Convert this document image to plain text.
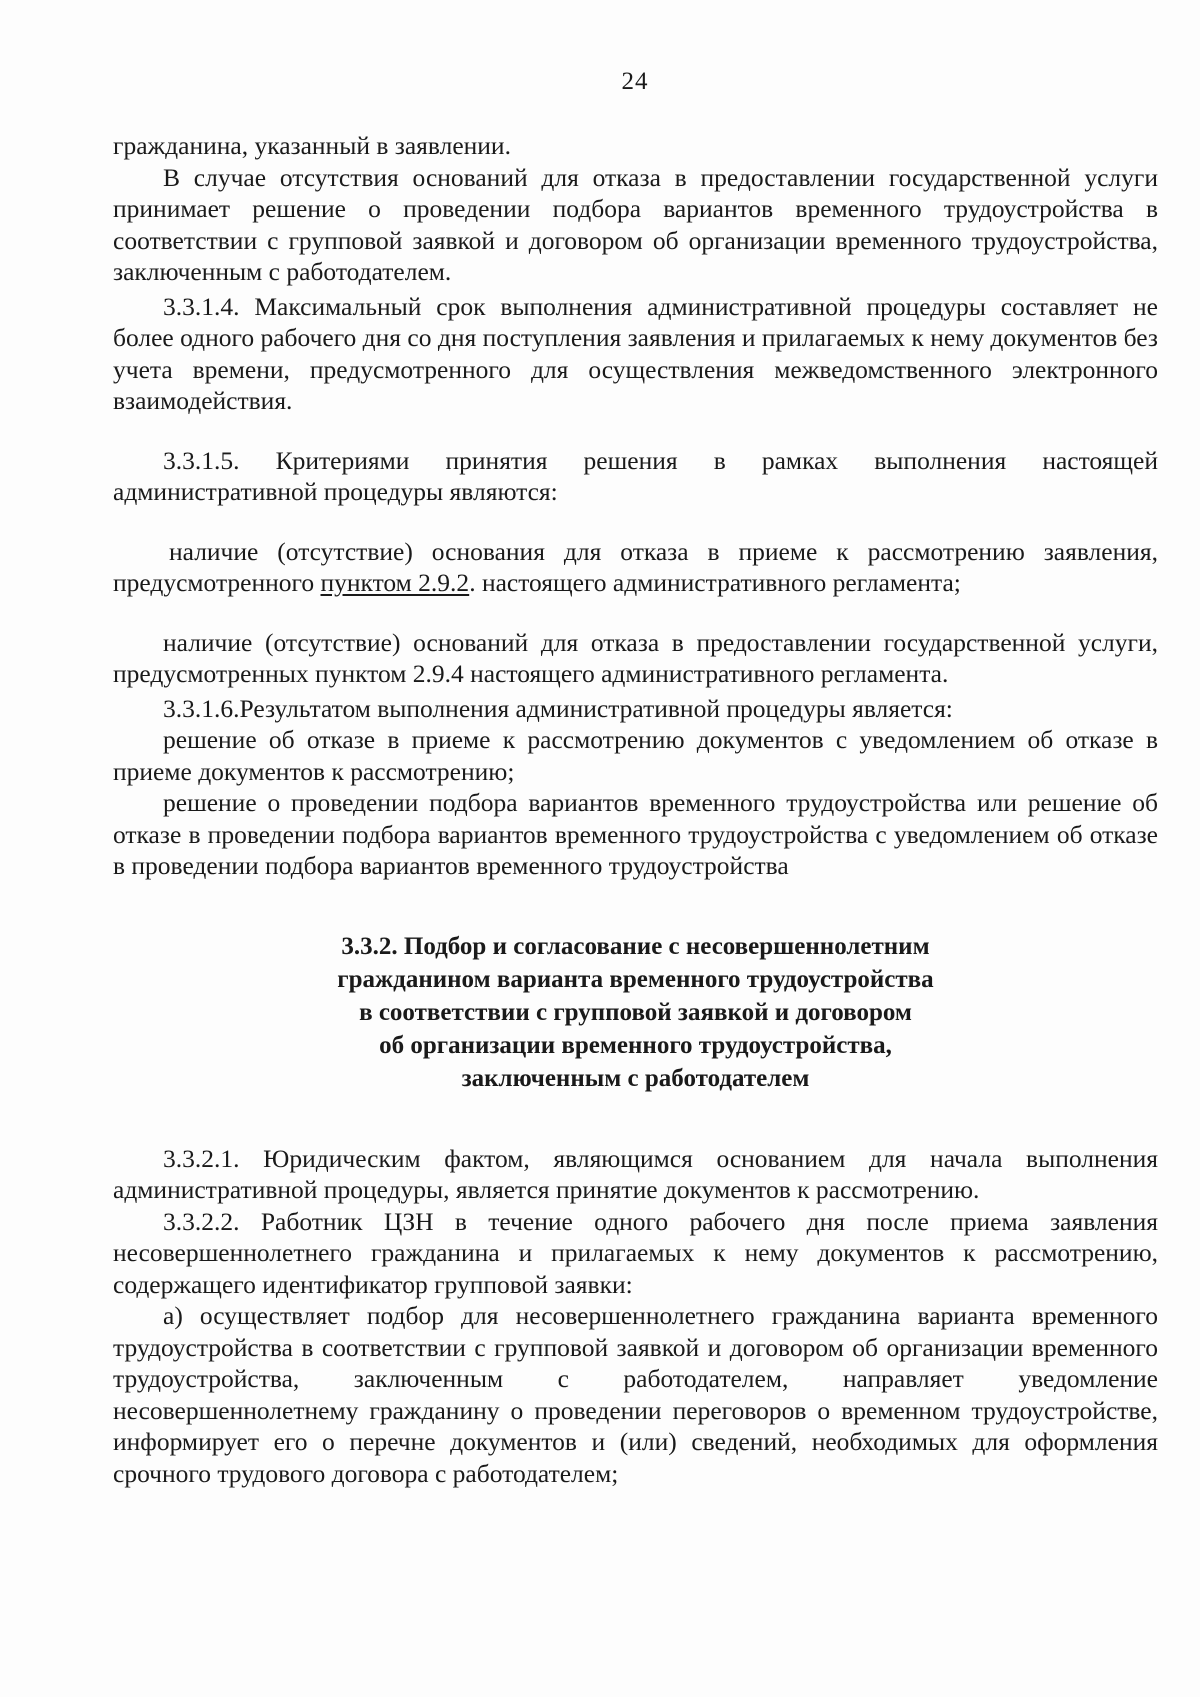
24

гражданина, указанный в заявлении.

В случае отсутствия оснований для отказа в предоставлении государственной услуги принимает решение о проведении подбора вариантов временного трудоустройства в соответствии с групповой заявкой и договором об организации временного трудоустройства, заключенным с работодателем.

3.3.1.4. Максимальный срок выполнения административной процедуры составляет не более одного рабочего дня со дня поступления заявления и прилагаемых к нему документов без учета времени, предусмотренного для осуществления межведомственного электронного взаимодействия.

3.3.1.5. Критериями принятия решения в рамках выполнения настоящей административной процедуры являются:

наличие (отсутствие) основания для отказа в приеме к рассмотрению заявления, предусмотренного пунктом 2.9.2. настоящего административного регламента;

наличие (отсутствие) оснований для отказа в предоставлении государственной услуги, предусмотренных пунктом 2.9.4 настоящего административного регламента.

3.3.1.6.Результатом выполнения административной процедуры является:

решение об отказе в приеме к рассмотрению документов с уведомлением об отказе в приеме документов к рассмотрению;

решение о проведении подбора вариантов временного трудоустройства или решение об отказе в проведении подбора вариантов временного трудоустройства с уведомлением об отказе в проведении подбора вариантов временного трудоустройства

3.3.2. Подбор и согласование с несовершеннолетним
гражданином варианта временного трудоустройства
в соответствии с групповой заявкой и договором
об организации временного трудоустройства,
заключенным с работодателем

3.3.2.1. Юридическим фактом, являющимся основанием для начала выполнения административной процедуры, является принятие документов к рассмотрению.

3.3.2.2. Работник ЦЗН в течение одного рабочего дня после приема заявления несовершеннолетнего гражданина и прилагаемых к нему документов к рассмотрению, содержащего идентификатор групповой заявки:

а) осуществляет подбор для несовершеннолетнего гражданина варианта временного трудоустройства в соответствии с групповой заявкой и договором об организации временного трудоустройства, заключенным с работодателем, направляет уведомление несовершеннолетнему гражданину о проведении переговоров о временном трудоустройстве, информирует его о перечне документов и (или) сведений, необходимых для оформления срочного трудового договора с работодателем;
